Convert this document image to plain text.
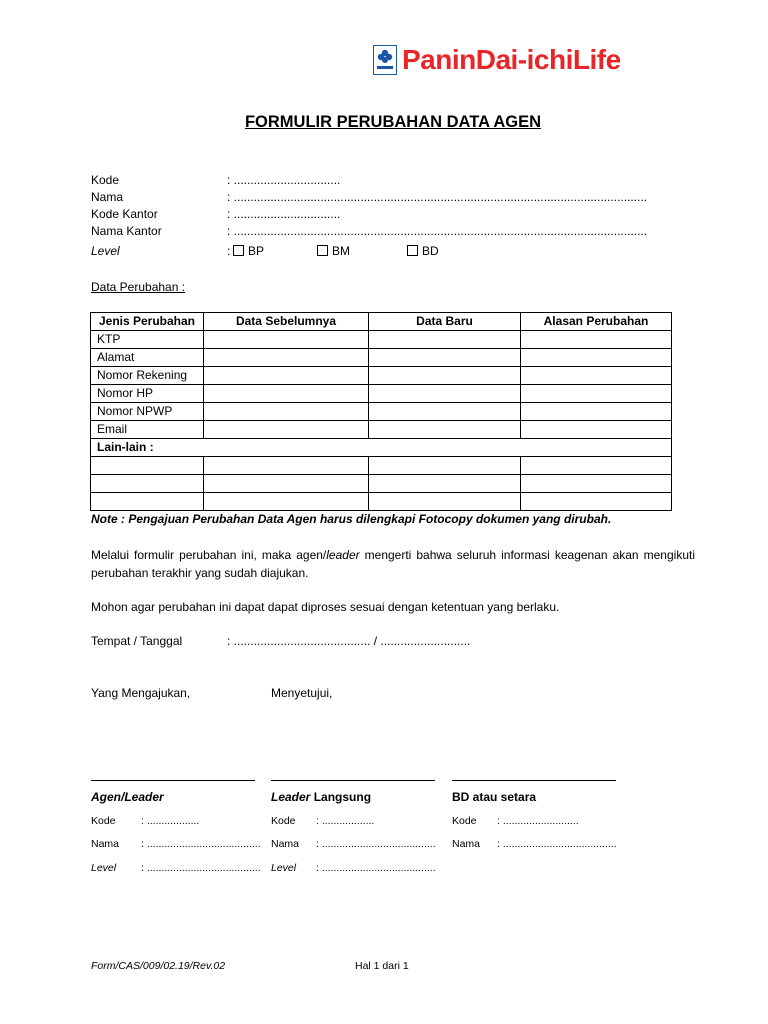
PaninDai-ichiLife
FORMULIR PERUBAHAN DATA AGEN
Kode	: ................................
Nama	: ............................................................................................................................
Kode Kantor	: ................................
Nama Kantor	: ............................................................................................................................
Level	:	BP	BM	BD
Data Perubahan :
Jenis Perubahan	Data Sebelumnya	Data Baru	Alasan Perubahan
KTP			
Alamat			
Nomor Rekening			
Nomor HP			
Nomor NPWP			
Email			
Lain-lain :			

Note : Pengajuan Perubahan Data Agen harus dilengkapi Fotocopy dokumen yang dirubah.
Melalui formulir perubahan ini, maka agen/leader mengerti bahwa seluruh informasi keagenan akan mengikuti perubahan terakhir yang sudah diajukan.
Mohon agar perubahan ini dapat dapat diproses sesuai dengan ketentuan yang berlaku.
Tempat / Tanggal	: ......................................... / ...........................
Yang Mengajukan,	Menyetujui,
Agen/Leader
Kode : ..................
Nama : .......................................
Level : .......................................
Leader Langsung
Kode : ..................
Nama : .......................................
Level : .......................................
BD atau setara
Kode : ..........................
Nama : .......................................
Form/CAS/009/02.19/Rev.02	Hal 1 dari 1
